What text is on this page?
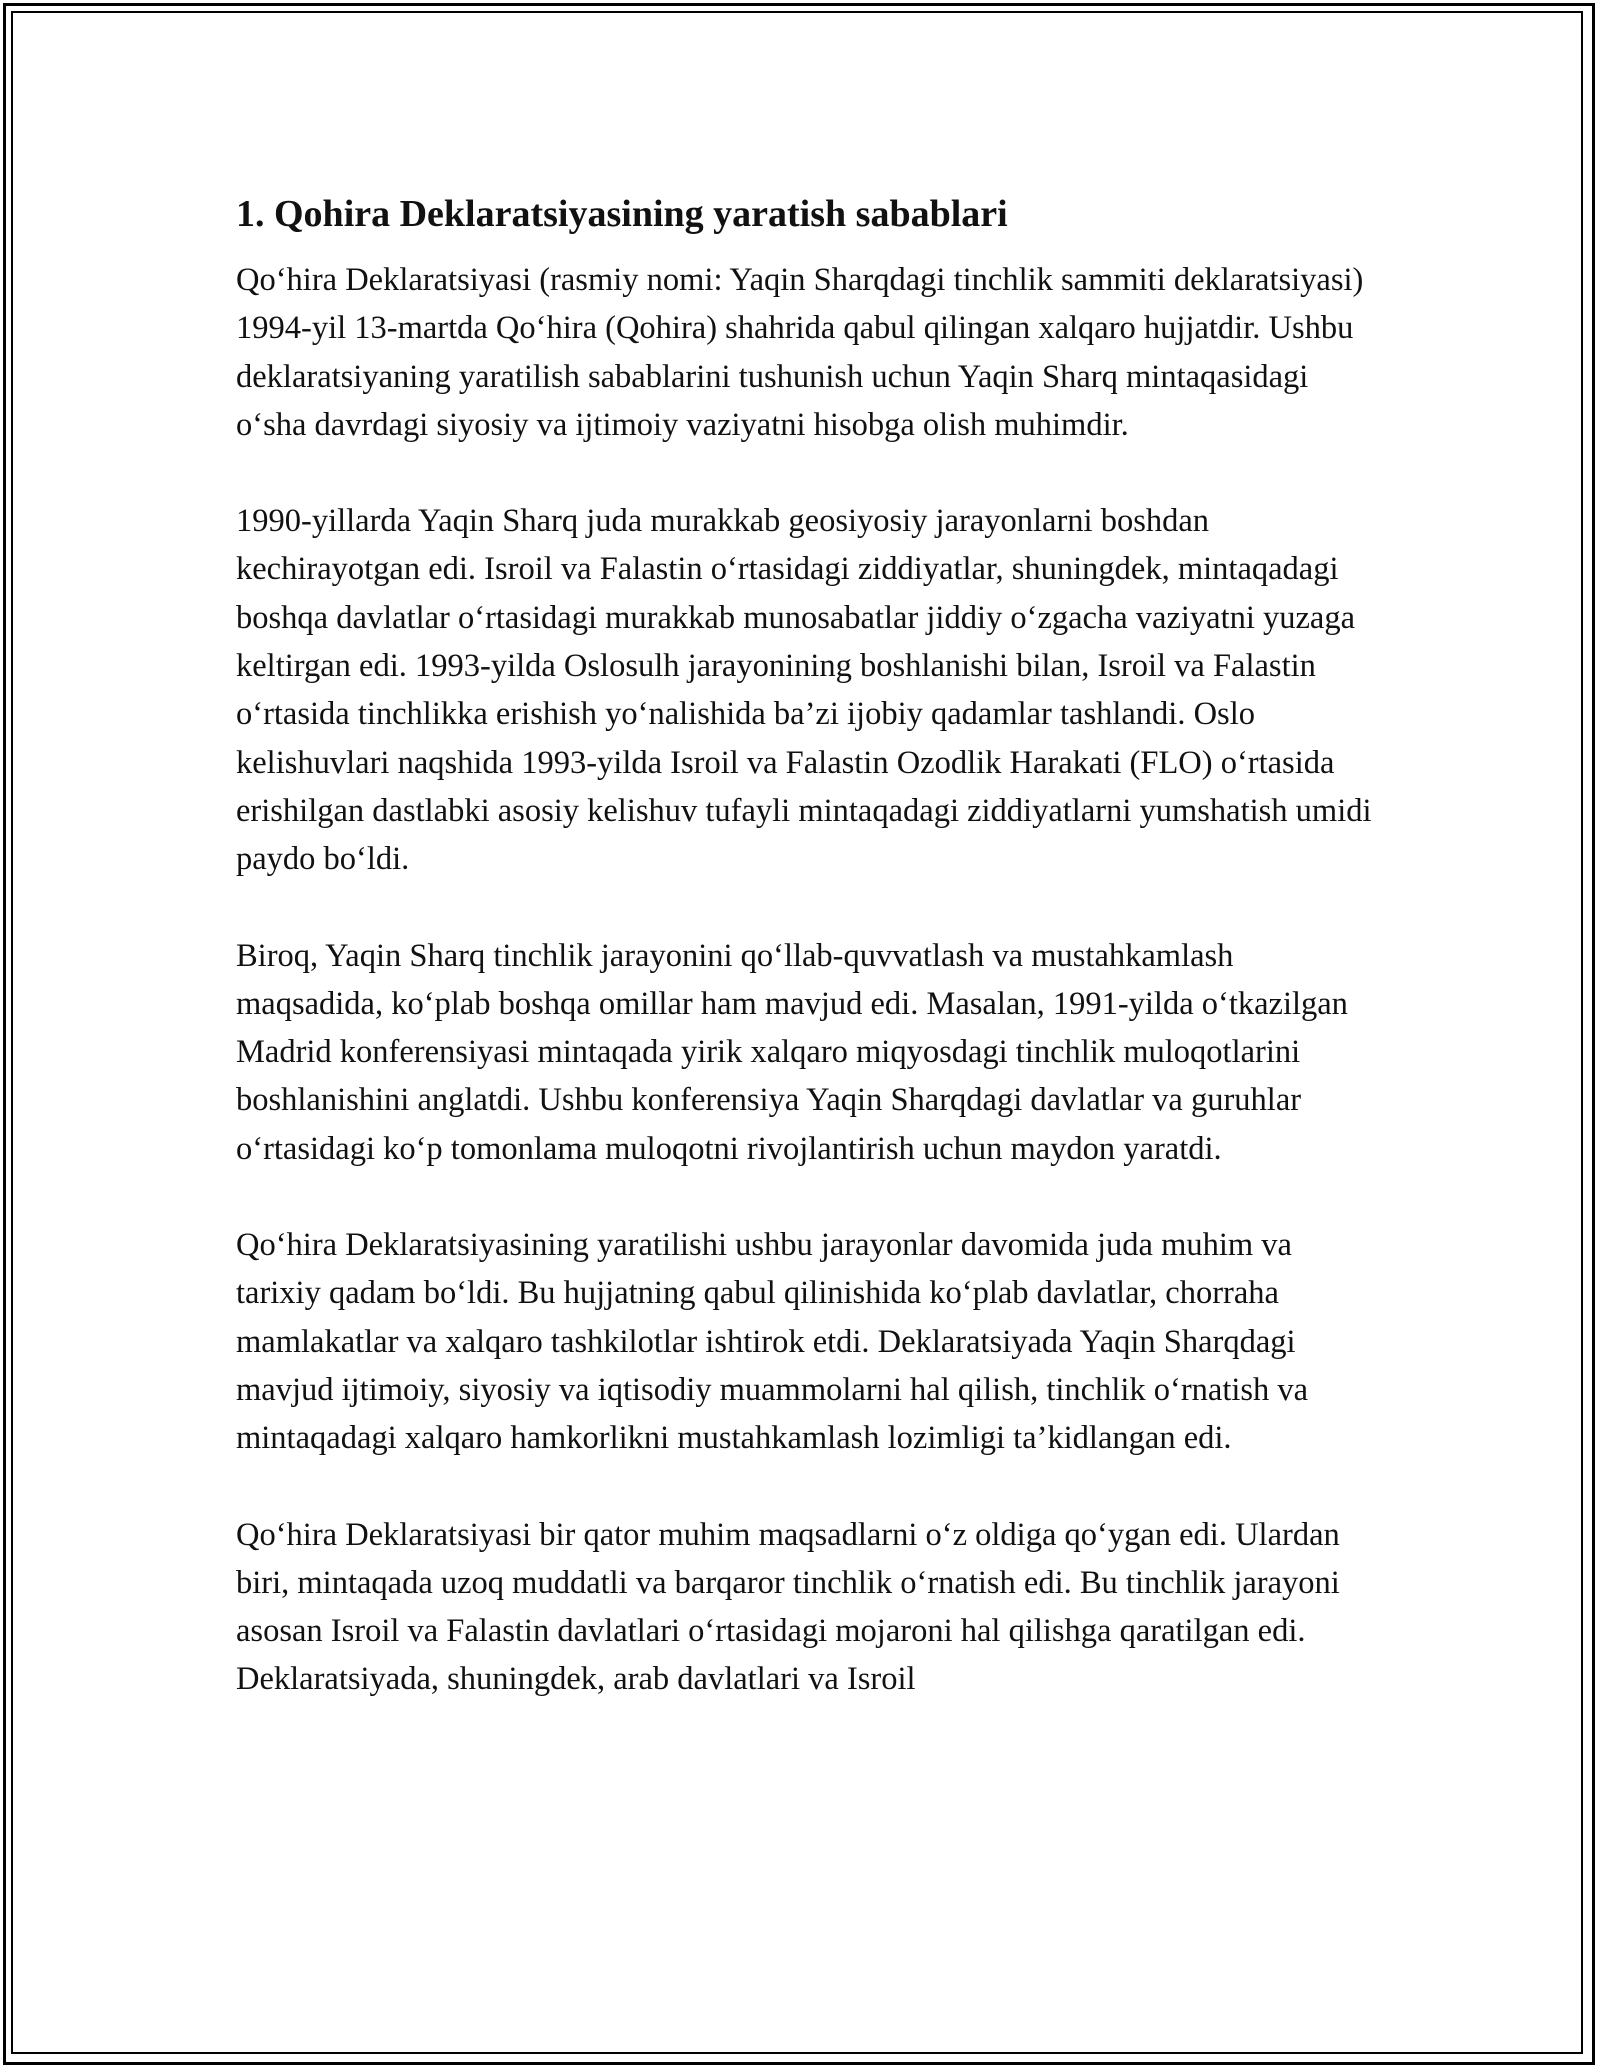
1. Qohira Deklaratsiyasining yaratish sabablari

Qo‘hira Deklaratsiyasi (rasmiy nomi: Yaqin Sharqdagi tinchlik sammiti deklaratsiyasi) 1994-yil 13-martda Qo‘hira (Qohira) shahrida qabul qilingan xalqaro hujjatdir. Ushbu deklaratsiyaning yaratilish sabablarini tushunish uchun Yaqin Sharq mintaqasidagi o‘sha davrdagi siyosiy va ijtimoiy vaziyatni hisobga olish muhimdir.

1990-yillarda Yaqin Sharq juda murakkab geosiyosiy jarayonlarni boshdan kechirayotgan edi. Isroil va Falastin o‘rtasidagi ziddiyatlar, shuningdek, mintaqadagi boshqa davlatlar o‘rtasidagi murakkab munosabatlar jiddiy o‘zgacha vaziyatni yuzaga keltirgan edi. 1993-yilda Oslosulh jarayonining boshlanishi bilan, Isroil va Falastin o‘rtasida tinchlikka erishish yo‘nalishida ba’zi ijobiy qadamlar tashlandi. Oslo kelishuvlari naqshida 1993-yilda Isroil va Falastin Ozodlik Harakati (FLO) o‘rtasida erishilgan dastlabki asosiy kelishuv tufayli mintaqadagi ziddiyatlarni yumshatish umidi paydo bo‘ldi.

Biroq, Yaqin Sharq tinchlik jarayonini qo‘llab-quvvatlash va mustahkamlash maqsadida, ko‘plab boshqa omillar ham mavjud edi. Masalan, 1991-yilda o‘tkazilgan Madrid konferensiyasi mintaqada yirik xalqaro miqyosdagi tinchlik muloqotlarini boshlanishini anglatdi. Ushbu konferensiya Yaqin Sharqdagi davlatlar va guruhlar o‘rtasidagi ko‘p tomonlama muloqotni rivojlantirish uchun maydon yaratdi.

Qo‘hira Deklaratsiyasining yaratilishi ushbu jarayonlar davomida juda muhim va tarixiy qadam bo‘ldi. Bu hujjatning qabul qilinishida ko‘plab davlatlar, chorraha mamlakatlar va xalqaro tashkilotlar ishtirok etdi. Deklaratsiyada Yaqin Sharqdagi mavjud ijtimoiy, siyosiy va iqtisodiy muammolarni hal qilish, tinchlik o‘rnatish va mintaqadagi xalqaro hamkorlikni mustahkamlash lozimligi ta’kidlangan edi.

Qo‘hira Deklaratsiyasi bir qator muhim maqsadlarni o‘z oldiga qo‘ygan edi. Ulardan biri, mintaqada uzoq muddatli va barqaror tinchlik o‘rnatish edi. Bu tinchlik jarayoni asosan Isroil va Falastin davlatlari o‘rtasidagi mojaroni hal qilishga qaratilgan edi. Deklaratsiyada, shuningdek, arab davlatlari va Isroil
